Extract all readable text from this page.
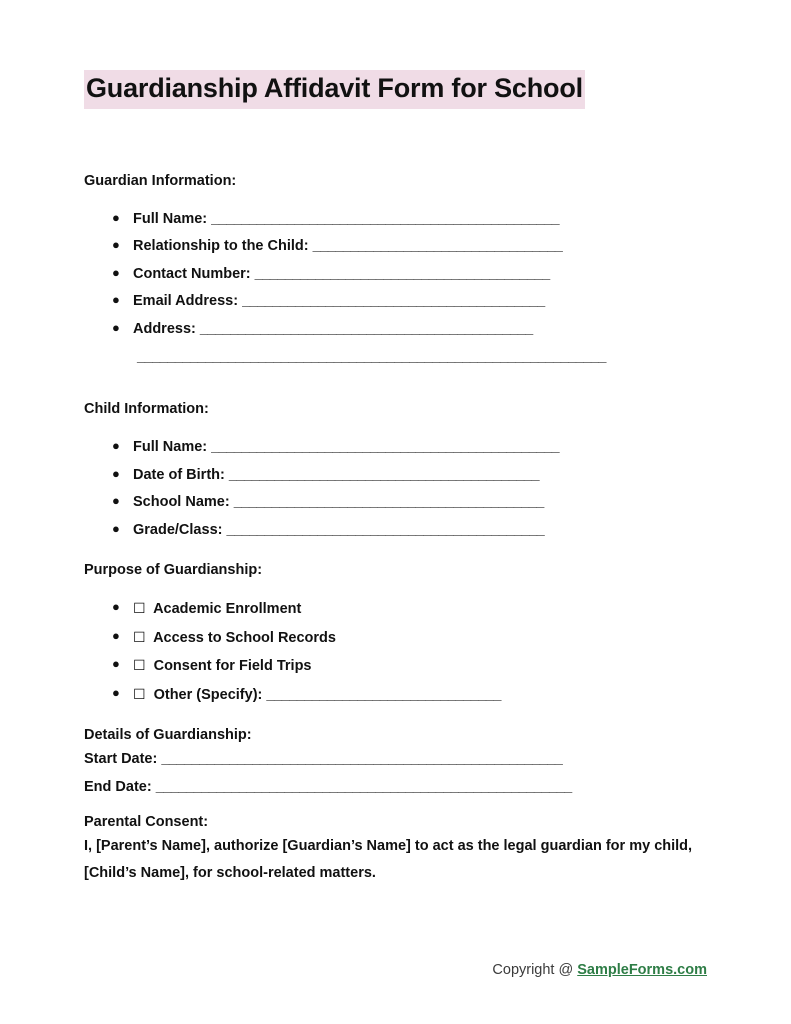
Guardianship Affidavit Form for School
Guardian Information:
● Full Name: ______________________________________________
● Relationship to the Child: _________________________________
● Contact Number: _______________________________________
● Email Address: ________________________________________
● Address: ____________________________________________
______________________________________________________________
Child Information:
● Full Name: ______________________________________________
● Date of Birth: _________________________________________
● School Name: _________________________________________
● Grade/Class: __________________________________________
Purpose of Guardianship:
● ☐ Academic Enrollment
● ☐ Access to School Records
● ☐ Consent for Field Trips
● ☐ Other (Specify): _______________________________
Details of Guardianship:

Start Date: _____________________________________________________

End Date: _______________________________________________________

Parental Consent:

I, [Parent’s Name], authorize [Guardian’s Name] to act as the legal guardian for my child, [Child’s Name], for school-related matters.

Copyright @ SampleForms.com
